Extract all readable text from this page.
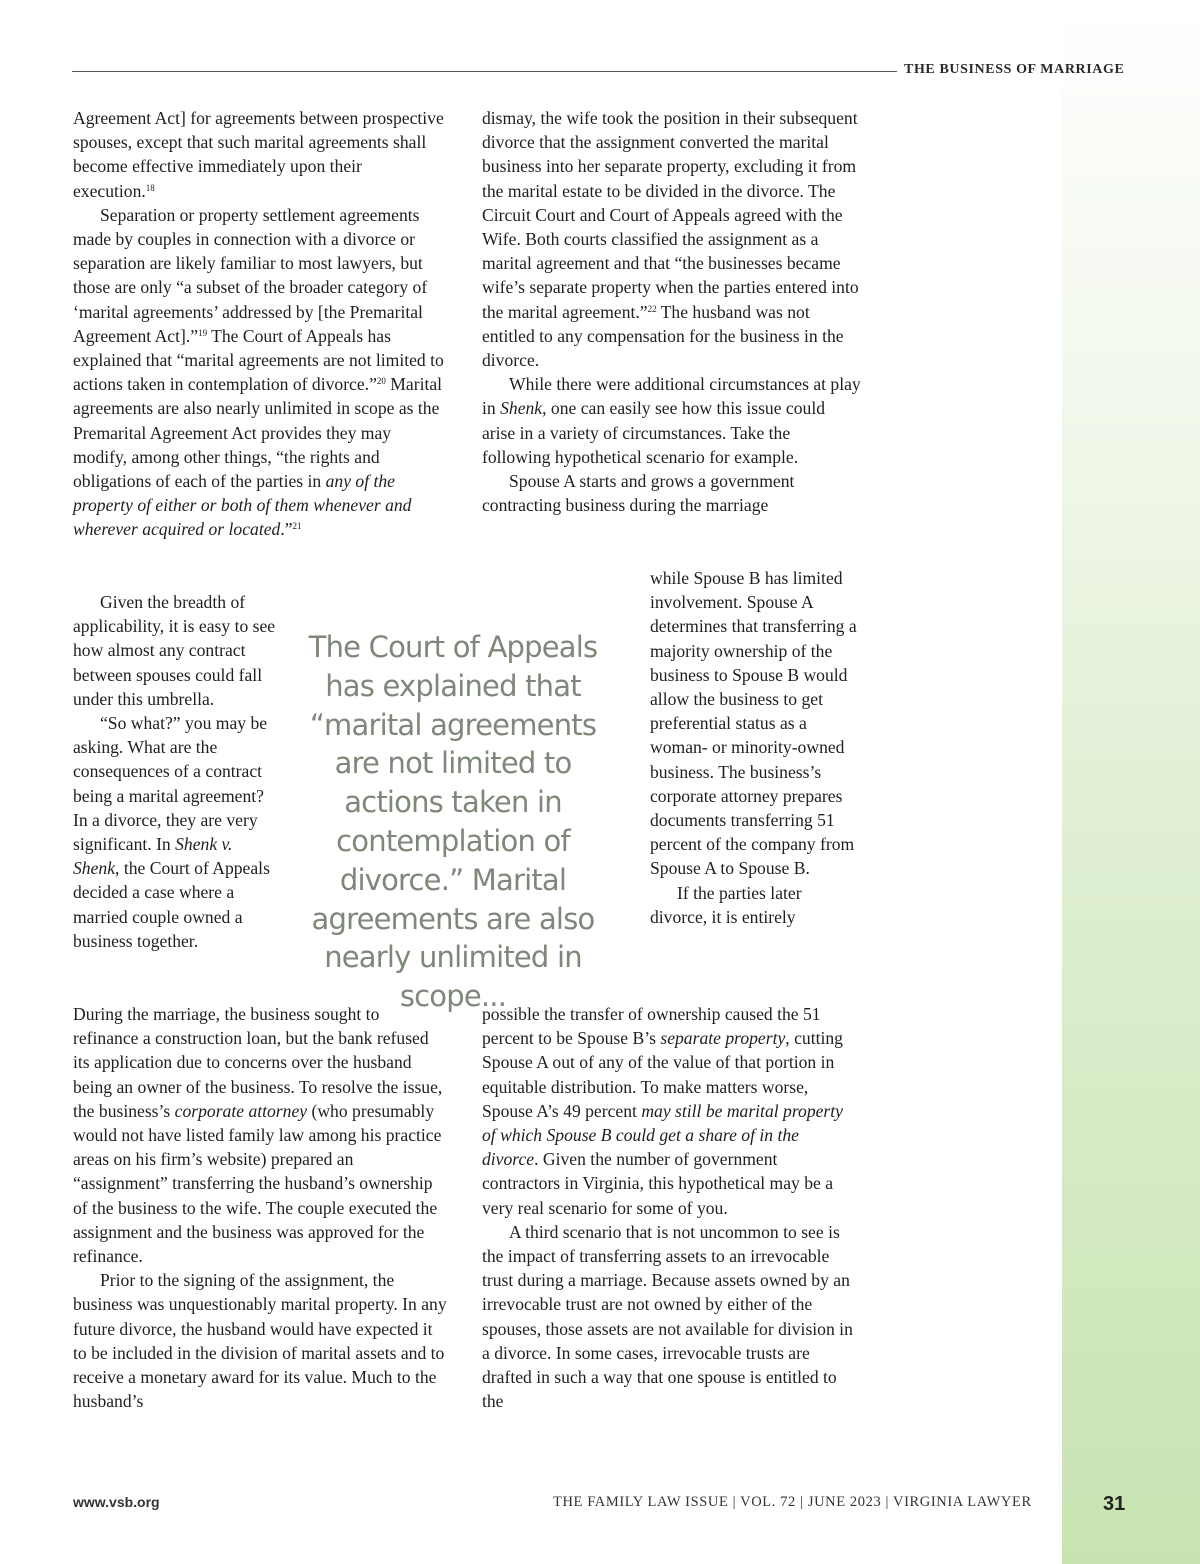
THE BUSINESS OF MARRIAGE

Agreement Act] for agreements between prospective spouses, except that such marital agreements shall become effective immediately upon their execution.$^{18}$

Separation or property settlement agreements made by couples in connection with a divorce or separation are likely familiar to most lawyers, but those are only “a subset of the broader category of ‘marital agreements’ addressed by [the Premarital Agreement Act].”$^{19}$ The Court of Appeals has explained that “marital agreements are not limited to actions taken in contemplation of divorce.”$^{20}$ Marital agreements are also nearly unlimited in scope as the Premarital Agreement Act provides they may modify, among other things, “the rights and obligations of each of the parties in any of the property of either or both of them whenever and wherever acquired or located.”$^{21}$

Given the breadth of applicability, it is easy to see how almost any contract between spouses could fall under this umbrella.

“So what?” you may be asking. What are the consequences of a contract being a marital agreement? In a divorce, they are very significant. In Shenk v. Shenk, the Court of Appeals decided a case where a married couple owned a business together.

During the marriage, the business sought to refinance a construction loan, but the bank refused its application due to concerns over the husband being an owner of the business. To resolve the issue, the business’s corporate attorney (who presumably would not have listed family law among his practice areas on his firm’s website) prepared an “assignment” transferring the husband’s ownership of the business to the wife. The couple executed the assignment and the business was approved for the refinance.

Prior to the signing of the assignment, the business was unquestionably marital property. In any future divorce, the husband would have expected it to be included in the division of marital assets and to receive a monetary award for its value. Much to the husband’s

dismay, the wife took the position in their subsequent divorce that the assignment converted the marital business into her separate property, excluding it from the marital estate to be divided in the divorce. The Circuit Court and Court of Appeals agreed with the Wife. Both courts classified the assignment as a marital agreement and that “the businesses became wife’s separate property when the parties entered into the marital agreement.”$^{22}$ The husband was not entitled to any compensation for the business in the divorce.

While there were additional circumstances at play in Shenk, one can easily see how this issue could arise in a variety of circumstances. Take the following hypothetical scenario for example.

Spouse A starts and grows a government contracting business during the marriage

while Spouse B has limited involvement. Spouse A determines that transferring a majority ownership of the business to Spouse B would allow the business to get preferential status as a woman- or minority-owned business. The business’s corporate attorney prepares documents transferring 51 percent of the company from Spouse A to Spouse B.

If the parties later divorce, it is entirely

possible the transfer of ownership caused the 51 percent to be Spouse B’s separate property, cutting Spouse A out of any of the value of that portion in equitable distribution. To make matters worse, Spouse A’s 49 percent may still be marital property of which Spouse B could get a share of in the divorce. Given the number of government contractors in Virginia, this hypothetical may be a very real scenario for some of you.

A third scenario that is not uncommon to see is the impact of transferring assets to an irrevocable trust during a marriage. Because assets owned by an irrevocable trust are not owned by either of the spouses, those assets are not available for division in a divorce. In some cases, irrevocable trusts are drafted in such a way that one spouse is entitled to the

The Court of Appeals has explained that “marital agreements are not limited to actions taken in contemplation of divorce.” Marital agreements are also nearly unlimited in scope...
www.vsb.org	THE FAMILY LAW ISSUE | VOL. 72 | JUNE 2023 | VIRGINIA LAWYER	31
